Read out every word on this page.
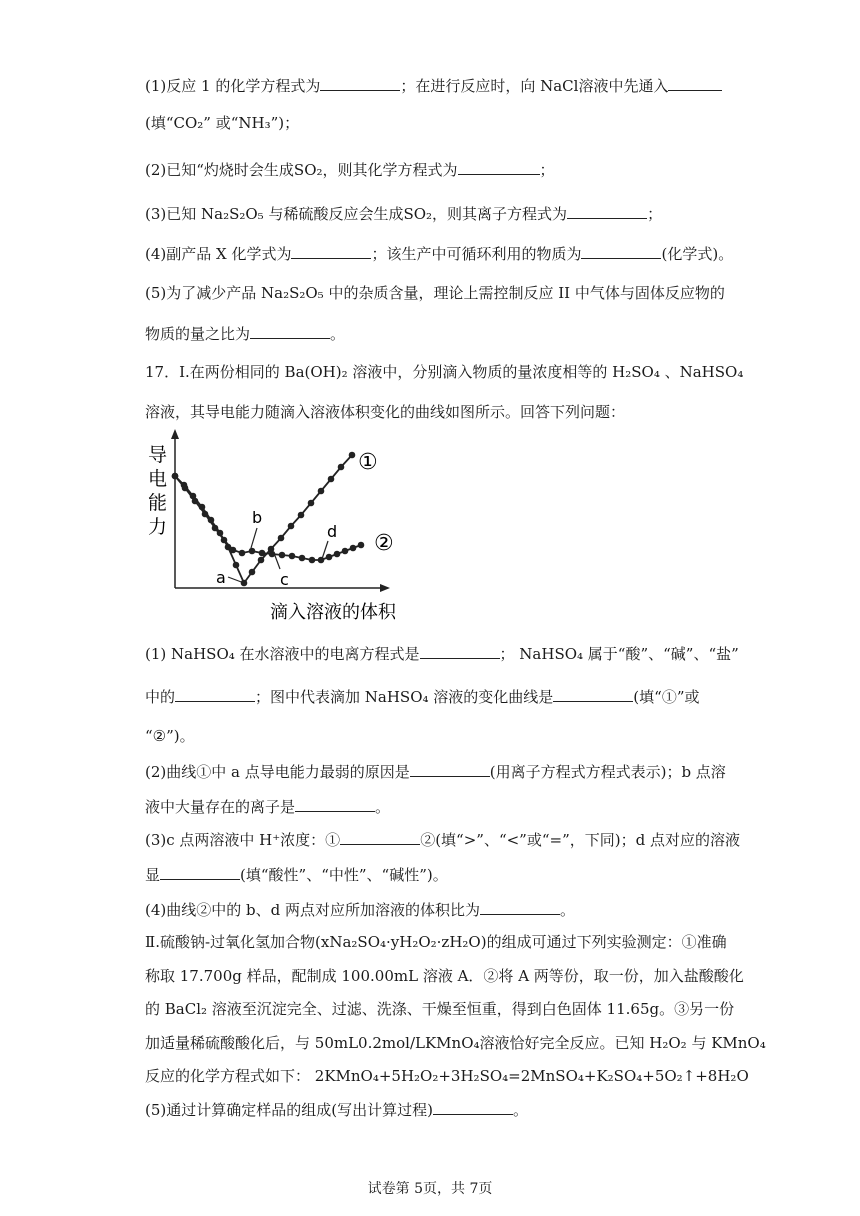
(1)反应 1 的化学方程式为	；在进行反应时，向 NaCl溶液中先通入
(填“CO₂” 或“NH₃”)；
(2)已知“灼烧时会生成SO₂，则其化学方程式为	；
(3)已知 Na₂S₂O₅ 与稀硫酸反应会生成SO₂，则其离子方程式为	；
(4)副产品 X 化学式为	；该生产中可循环利用的物质为	(化学式)。
(5)为了减少产品 Na₂S₂O₅ 中的杂质含量，理论上需控制反应 II 中气体与固体反应物的
物质的量之比为	。
17．Ⅰ.在两份相同的 Ba(OH)₂ 溶液中，分别滴入物质的量浓度相等的 H₂SO₄ 、NaHSO₄
溶液，其导电能力随滴入溶液体积变化的曲线如图所示。回答下列问题：
导
电
能
力
滴入溶液的体积
b
a	c
d
①
②
(1) NaHSO₄ 在水溶液中的电离方程式是	； NaHSO₄ 属于“酸”、“碱”、“盐”
中的	；图中代表滴加 NaHSO₄ 溶液的变化曲线是	(填“①”或
“②”)。
(2)曲线①中 a 点导电能力最弱的原因是	(用离子方程式方程式表示)；b 点溶
液中大量存在的离子是	。
(3)c 点两溶液中 H⁺浓度：①	②(填“>”、“<”或“=”，下同)；d 点对应的溶液
显	(填“酸性”、“中性”、“碱性”)。
(4)曲线②中的 b、d 两点对应所加溶液的体积比为	。
Ⅱ.硫酸钠-过氧化氢加合物(xNa₂SO₄·yH₂O₂·zH₂O)的组成可通过下列实验测定：①准确
称取 17.700g 样品，配制成 100.00mL 溶液 A．②将 A 两等份，取一份，加入盐酸酸化
的 BaCl₂ 溶液至沉淀完全、过滤、洗涤、干燥至恒重，得到白色固体 11.65g。③另一份
加适量稀硫酸酸化后，与 50mL0.2mol/LKMnO₄溶液恰好完全反应。已知 H₂O₂ 与 KMnO₄
反应的化学方程式如下： 2KMnO₄+5H₂O₂+3H₂SO₄=2MnSO₄+K₂SO₄+5O₂↑+8H₂O
(5)通过计算确定样品的组成(写出计算过程)	。
试卷第 5页，共 7页
